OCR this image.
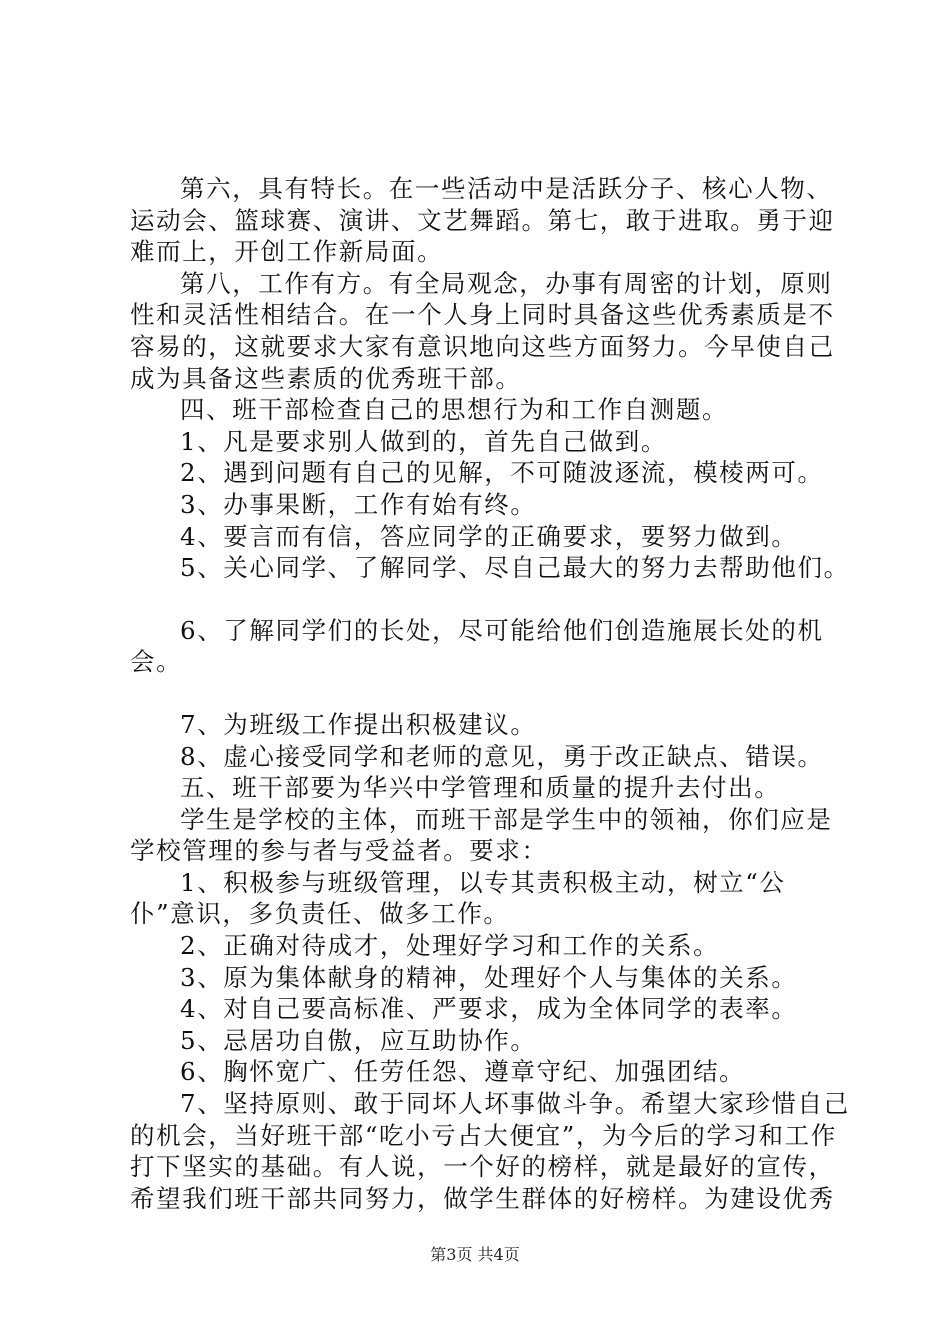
第六，具有特长。在一些活动中是活跃分子、核心人物、运动会、篮球赛、演讲、文艺舞蹈。第七，敢于进取。勇于迎难而上，开创工作新局面。

第八，工作有方。有全局观念，办事有周密的计划，原则性和灵活性相结合。在一个人身上同时具备这些优秀素质是不容易的，这就要求大家有意识地向这些方面努力。今早使自己成为具备这些素质的优秀班干部。

四、班干部检查自己的思想行为和工作自测题。

1、凡是要求别人做到的，首先自己做到。

2、遇到问题有自己的见解，不可随波逐流，模棱两可。

3、办事果断，工作有始有终。

4、要言而有信，答应同学的正确要求，要努力做到。

5、关心同学、了解同学、尽自己最大的努力去帮助他们。

6、了解同学们的长处，尽可能给他们创造施展长处的机会。

7、为班级工作提出积极建议。

8、虚心接受同学和老师的意见，勇于改正缺点、错误。

五、班干部要为华兴中学管理和质量的提升去付出。

学生是学校的主体，而班干部是学生中的领袖，你们应是学校管理的参与者与受益者。要求：

1、积极参与班级管理，以专其责积极主动，树立“公仆”意识，多负责任、做多工作。

2、正确对待成才，处理好学习和工作的关系。

3、原为集体献身的精神，处理好个人与集体的关系。

4、对自己要高标准、严要求，成为全体同学的表率。

5、忌居功自傲，应互助协作。

6、胸怀宽广、任劳任怨、遵章守纪、加强团结。

7、坚持原则、敢于同坏人坏事做斗争。希望大家珍惜自己的机会，当好班干部“吃小亏占大便宜”，为今后的学习和工作打下坚实的基础。有人说，一个好的榜样，就是最好的宣传，希望我们班干部共同努力，做学生群体的好榜样。为建设优秀

第3页 共4页
